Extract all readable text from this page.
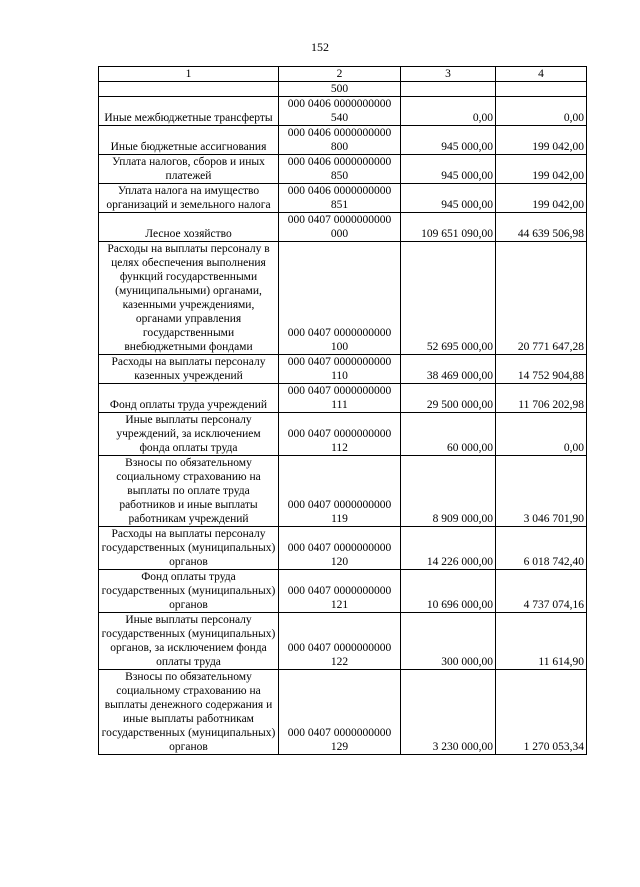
152
1	2	3	4
	500		
Иные межбюджетные трансферты	000 0406 0000000000 540	0,00	0,00
Иные бюджетные ассигнования	000 0406 0000000000 800	945 000,00	199 042,00
Уплата налогов, сборов и иных платежей	000 0406 0000000000 850	945 000,00	199 042,00
Уплата налога на имущество организаций и земельного налога	000 0406 0000000000 851	945 000,00	199 042,00
Лесное хозяйство	000 0407 0000000000 000	109 651 090,00	44 639 506,98
Расходы на выплаты персоналу в целях обеспечения выполнения функций государственными (муниципальными) органами, казенными учреждениями, органами управления государственными внебюджетными фондами	000 0407 0000000000 100	52 695 000,00	20 771 647,28
Расходы на выплаты персоналу казенных учреждений	000 0407 0000000000 110	38 469 000,00	14 752 904,88
Фонд оплаты труда учреждений	000 0407 0000000000 111	29 500 000,00	11 706 202,98
Иные выплаты персоналу учреждений, за исключением фонда оплаты труда	000 0407 0000000000 112	60 000,00	0,00
Взносы по обязательному социальному страхованию на выплаты по оплате труда работников и иные выплаты работникам учреждений	000 0407 0000000000 119	8 909 000,00	3 046 701,90
Расходы на выплаты персоналу государственных (муниципальных) органов	000 0407 0000000000 120	14 226 000,00	6 018 742,40
Фонд оплаты труда государственных (муниципальных) органов	000 0407 0000000000 121	10 696 000,00	4 737 074,16
Иные выплаты персоналу государственных (муниципальных) органов, за исключением фонда оплаты труда	000 0407 0000000000 122	300 000,00	11 614,90
Взносы по обязательному социальному страхованию на выплаты денежного содержания и иные выплаты работникам государственных (муниципальных) органов	000 0407 0000000000 129	3 230 000,00	1 270 053,34
